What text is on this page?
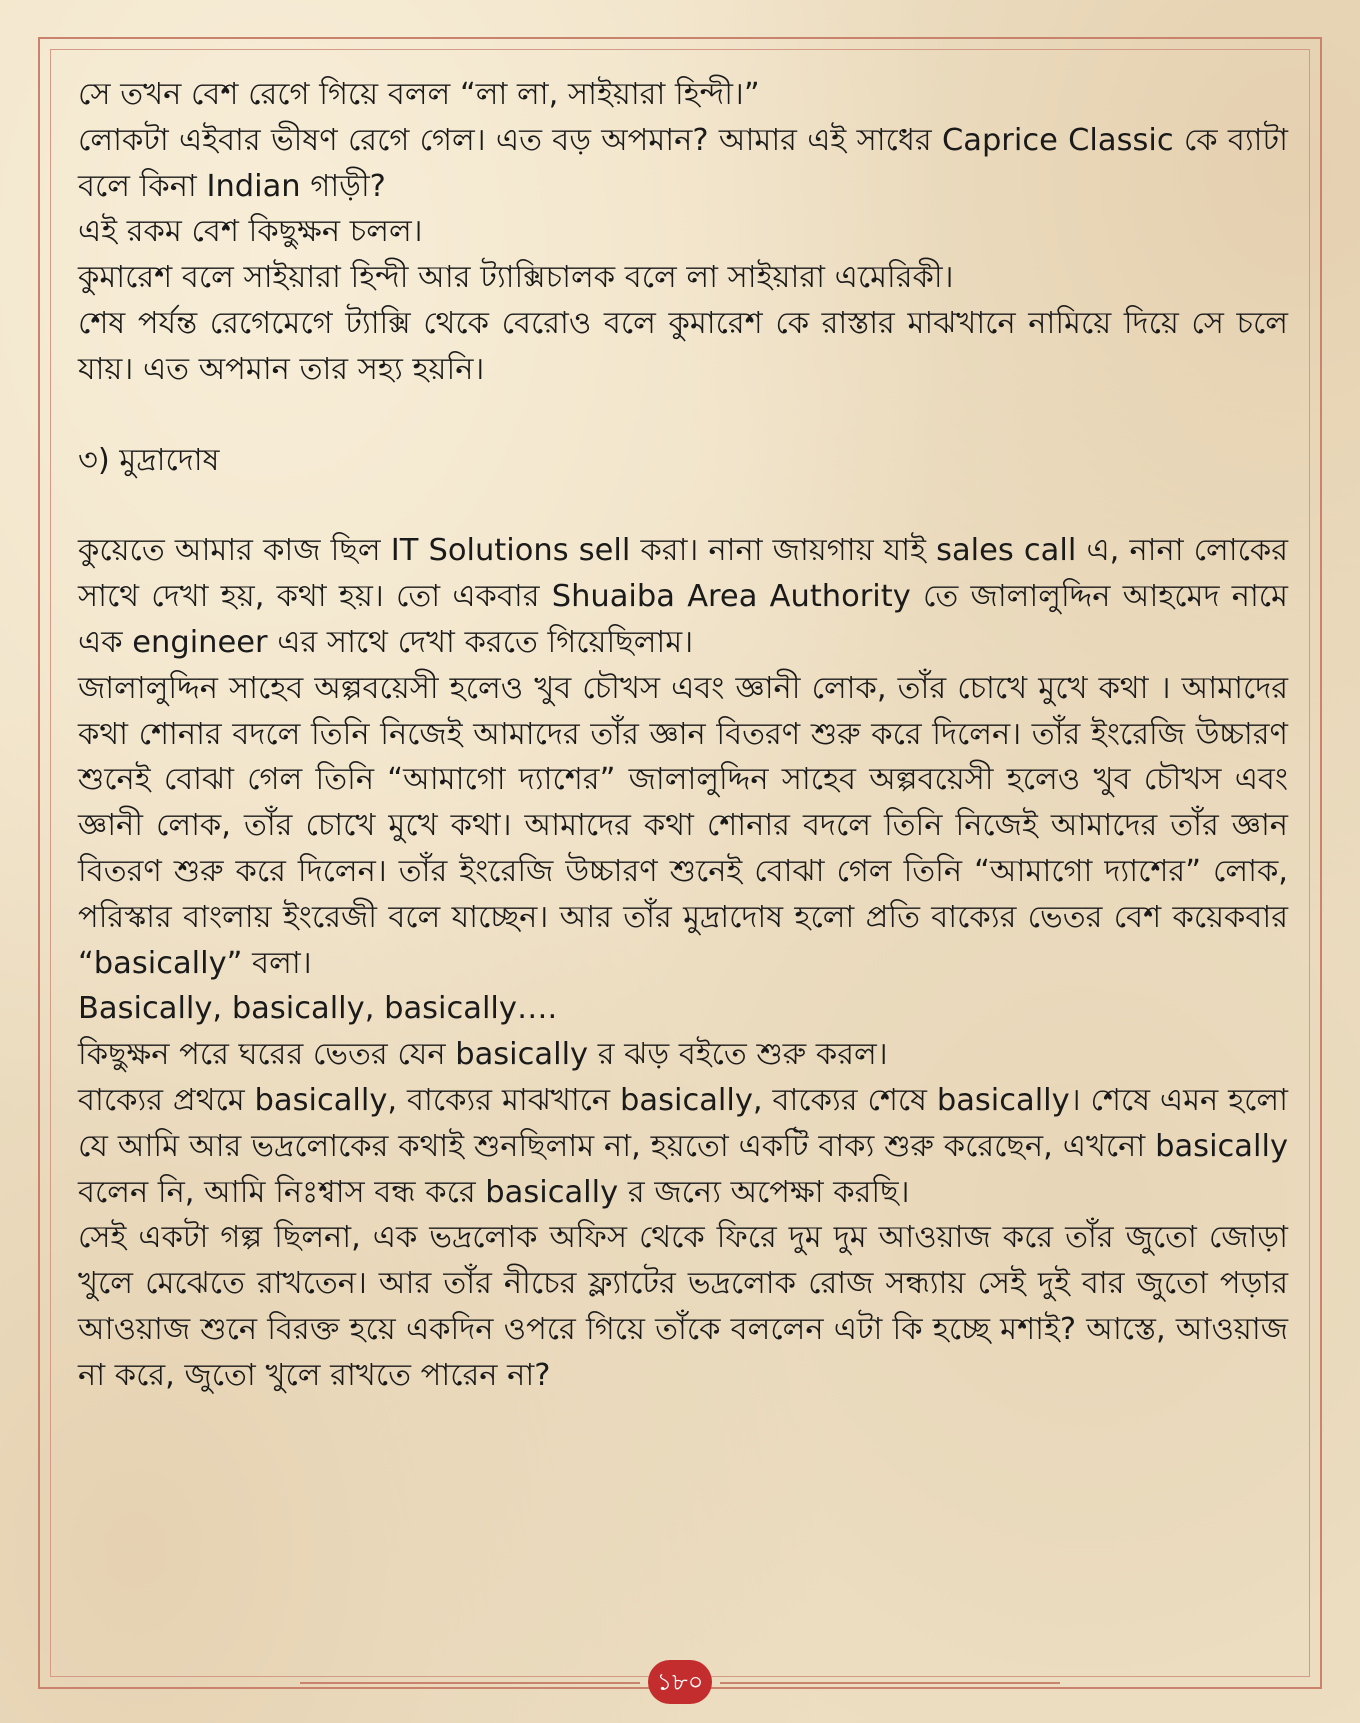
সে তখন বেশ রেগে গিয়ে বলল “লা লা, সাইয়ারা হিন্দী।”

লোকটা এইবার ভীষণ রেগে গেল। এত বড় অপমান? আমার এই সাধের Caprice Classic কে ব্যাটা বলে কিনা Indian গাড়ী?

এই রকম বেশ কিছুক্ষন চলল।

কুমারেশ বলে সাইয়ারা হিন্দী আর ট্যাক্সিচালক বলে লা সাইয়ারা এমেরিকী।

শেষ পর্যন্ত রেগেমেগে ট্যাক্সি থেকে বেরোও বলে কুমারেশ কে রাস্তার মাঝখানে নামিয়ে দিয়ে সে চলে যায়। এত অপমান তার সহ্য হয়নি।

৩) মুদ্রাদোষ

কুয়েতে আমার কাজ ছিল IT Solutions sell করা। নানা জায়গায় যাই sales call এ, নানা লোকের সাথে দেখা হয়, কথা হয়। তো একবার Shuaiba Area Authority তে জালালুদ্দিন আহমেদ নামে এক engineer এর সাথে দেখা করতে গিয়েছিলাম।

জালালুদ্দিন সাহেব অল্পবয়েসী হলেও খুব চৌখস এবং জ্ঞানী লোক, তাঁর চোখে মুখে কথা । আমাদের কথা শোনার বদলে তিনি নিজেই আমাদের তাঁর জ্ঞান বিতরণ শুরু করে দিলেন। তাঁর ইংরেজি উচ্চারণ শুনেই বোঝা গেল তিনি “আমাগো দ্যাশের” জালালুদ্দিন সাহেব অল্পবয়েসী হলেও খুব চৌখস এবং জ্ঞানী লোক, তাঁর চোখে মুখে কথা। আমাদের কথা শোনার বদলে তিনি নিজেই আমাদের তাঁর জ্ঞান বিতরণ শুরু করে দিলেন। তাঁর ইংরেজি উচ্চারণ শুনেই বোঝা গেল তিনি “আমাগো দ্যাশের” লোক, পরিস্কার বাংলায় ইংরেজী বলে যাচ্ছেন। আর তাঁর মুদ্রাদোষ হলো প্রতি বাক্যের ভেতর বেশ কয়েকবার “basically” বলা।

Basically, basically, basically….

কিছুক্ষন পরে ঘরের ভেতর যেন basically র ঝড় বইতে শুরু করল।

বাক্যের প্রথমে basically, বাক্যের মাঝখানে basically, বাক্যের শেষে basically। শেষে এমন হলো যে আমি আর ভদ্রলোকের কথাই শুনছিলাম না, হয়তো একটি বাক্য শুরু করেছেন, এখনো basically বলেন নি, আমি নিঃশ্বাস বন্ধ করে basically র জন্যে অপেক্ষা করছি।

সেই একটা গল্প ছিলনা, এক ভদ্রলোক অফিস থেকে ফিরে দুম দুম আওয়াজ করে তাঁর জুতো জোড়া খুলে মেঝেতে রাখতেন। আর তাঁর নীচের ফ্ল্যাটের ভদ্রলোক রোজ সন্ধ্যায় সেই দুই বার জুতো পড়ার আওয়াজ শুনে বিরক্ত হয়ে একদিন ওপরে গিয়ে তাঁকে বললেন এটা কি হচ্ছে মশাই? আস্তে, আওয়াজ না করে, জুতো খুলে রাখতে পারেন না?

১৮০
